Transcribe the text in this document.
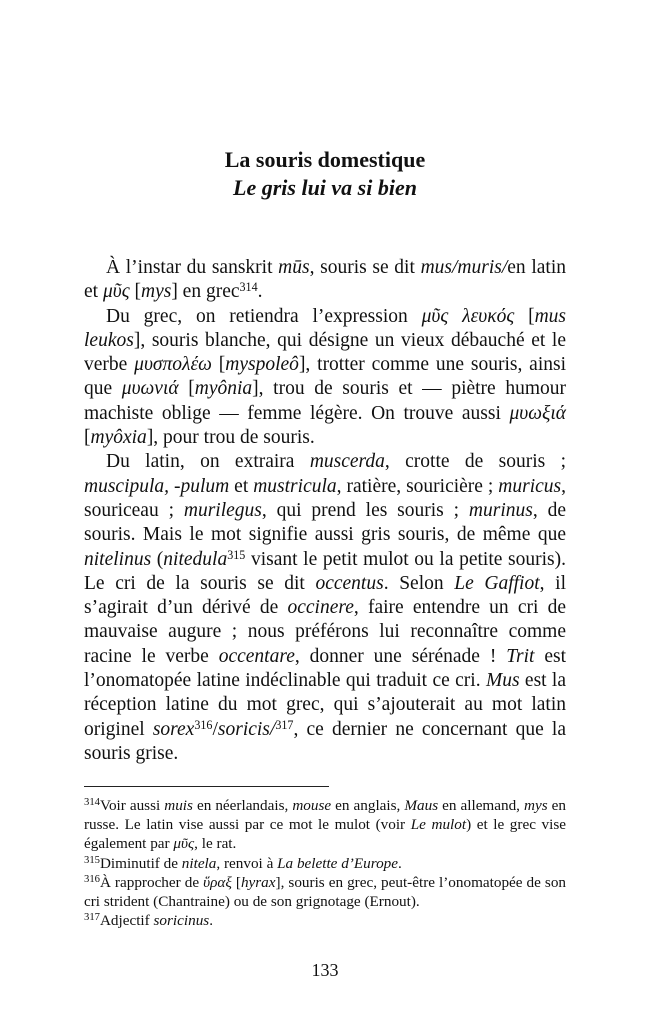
La souris domestique
Le gris lui va si bien

À l’instar du sanskrit mūs, souris se dit mus/muris/en latin et μῦς [mys] en grec$^{314}$.

Du grec, on retiendra l’expression μῦς λευκός [mus leukos], souris blanche, qui désigne un vieux débauché et le verbe μυσπολέω [myspoleô], trotter comme une souris, ainsi que μυωνιά [myônia], trou de souris et — piètre humour machiste oblige — femme légère. On trouve aussi μυωξιά [myôxia], pour trou de souris.

Du latin, on extraira muscerda, crotte de souris ; muscipula, -pulum et mustricula, ratière, souricière ; muricus, souriceau ; murilegus, qui prend les souris ; murinus, de souris. Mais le mot signifie aussi gris souris, de même que nitelinus (nitedula$^{315}$ visant le petit mulot ou la petite souris). Le cri de la souris se dit occentus. Selon Le Gaffiot, il s’agirait d’un dérivé de occinere, faire entendre un cri de mauvaise augure ; nous préférons lui reconnaître comme racine le verbe occentare, donner une sérénade ! Trit est l’onomatopée latine indéclinable qui traduit ce cri. Mus est la réception latine du mot grec, qui s’ajouterait au mot latin originel sorex$^{316}$/soricis/$^{317}$, ce dernier ne concernant que la souris grise.

$^{314}$Voir aussi muis en néerlandais, mouse en anglais, Maus en allemand, mys en russe. Le latin vise aussi par ce mot le mulot (voir Le mulot) et le grec vise également par μῦς, le rat.

$^{315}$Diminutif de nitela, renvoi à La belette d’Europe.

$^{316}$À rapprocher de ὕραξ [hyrax], souris en grec, peut-être l’onomatopée de son cri strident (Chantraine) ou de son grignotage (Ernout).

$^{317}$Adjectif soricinus.

133
